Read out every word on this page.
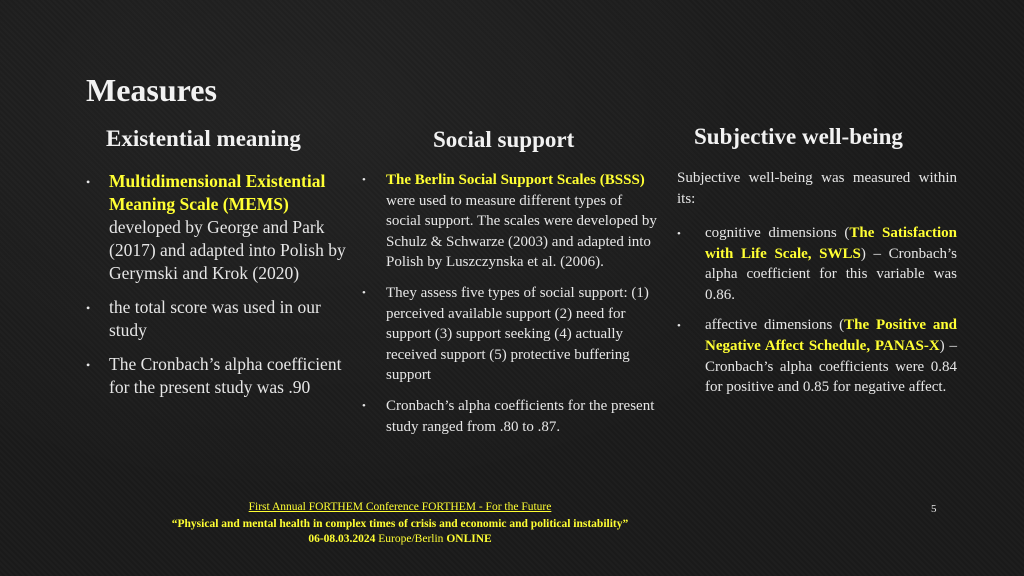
Measures
Existential meaning	Social support	Subjective well-being
• Multidimensional Existential Meaning Scale (MEMS) developed by George and Park (2017) and adapted into Polish by Gerymski and Krok (2020)
• the total score was used in our study
• The Cronbach’s alpha coefficient for the present study was .90
• The Berlin Social Support Scales (BSSS) were used to measure different types of social support. The scales were developed by Schulz & Schwarze (2003) and adapted into Polish by Luszczynska et al. (2006).
• They assess five types of social support: (1) perceived available support (2) need for support (3) support seeking (4) actually received support (5) protective buffering support
• Cronbach’s alpha coefficients for the present study ranged from .80 to .87.

Subjective well-being was measured within its:

• cognitive dimensions (The Satisfaction with Life Scale, SWLS) – Cronbach’s alpha coefficient for this variable was 0.86.
• affective dimensions (The Positive and Negative Affect Schedule, PANAS-X) – Cronbach’s alpha coefficients were 0.84 for positive and 0.85 for negative affect.
First Annual FORTHEM Conference FORTHEM - For the Future
“Physical and mental health in complex times of crisis and economic and political instability”
06-08.03.2024 Europe/Berlin ONLINE
5
